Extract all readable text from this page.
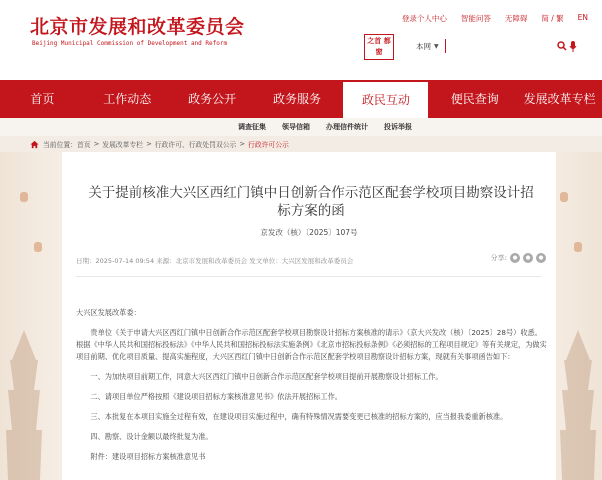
北京市发展和改革委员会
Beijing Municipal Commission of Development and Reform
登录个人中心 智能问答 无障碍 简 / 繁 EN
之首 都 窗
本网 ▼
首页	工作动态	政务公开	政务服务	政民互动	便民查询	发展改革专栏
调查征集 领导信箱 办理信件统计 投诉举报
当前位置： 首页 > 发展改革专栏 > 行政许可、行政处罚双公示 > 行政许可公示
关于提前核准大兴区西红门镇中日创新合作示范区配套学校项目勘察设计招标方案的函
京发改（核）〔2025〕107号
日期：2025-07-14 09:54 来源：北京市发展和改革委员会 发文单位：大兴区发展和改革委员会	分享:	●	●	●

大兴区发展改革委：

贵单位《关于申请大兴区西红门镇中日创新合作示范区配套学校项目勘察设计招标方案核准的请示》（京大兴发改（核）〔2025〕28号）收悉。根据《中华人民共和国招标投标法》《中华人民共和国招标投标法实施条例》《北京市招标投标条例》《必须招标的工程项目规定》等有关规定，为做实项目前期、优化项目质量、提高实施程度，大兴区西红门镇中日创新合作示范区配套学校项目勘察设计招标方案，现就有关事项函告如下：

一、为加快项目前期工作，同意大兴区西红门镇中日创新合作示范区配套学校项目提前开展勘察设计招标工作。

二、请项目单位严格按照《建设项目招标方案核准意见书》依法开展招标工作。

三、本批复在本项目实施全过程有效，在建设项目实施过程中，确有特殊情况需要变更已核准的招标方案的，应当报我委重新核准。

四、勘察、设计金额以最终批复为准。

附件：建设项目招标方案核准意见书
